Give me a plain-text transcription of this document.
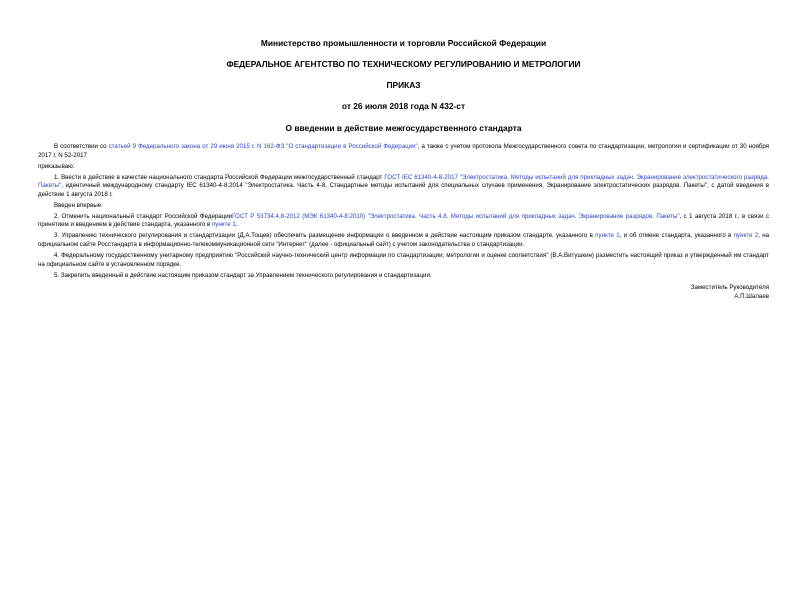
Министерство промышленности и торговли Российской Федерации
ФЕДЕРАЛЬНОЕ АГЕНТСТВО ПО ТЕХНИЧЕСКОМУ РЕГУЛИРОВАНИЮ И МЕТРОЛОГИИ
ПРИКАЗ
от 26 июля 2018 года N 432-ст
О введении в действие межгосударственного стандарта

В соответствии со статьей 9 Федерального закона от 29 июня 2015 г. N 162-ФЗ "О стандартизации в Российской Федерации", а также с учетом протокола Межгосударственного совета по стандартизации, метрологии и сертификации от 30 ноября 2017 г. N 52-2017

приказываю:

1. Ввести в действие в качестве национального стандарта Российской Федерации межгосударственный стандарт ГОСТ IEC 61340-4-8-2017 "Электростатика. Методы испытаний для прикладных задач. Экранирование электростатического разряда. Пакеты", идентичный международному стандарту IEC 61340-4-8:2014 "Электростатика. Часть 4-8. Стандартные методы испытаний для специальных случаев применения. Экранирование электростатических разрядов. Пакеты", с датой введения в действие 1 августа 2018 г.

Введен впервые.

2. Отменить национальный стандарт Российской ФедерацииГОСТ Р 53734.4.8-2012 (МЭК 61340-4-8:2010) "Электростатика. Часть 4.8. Методы испытаний для прикладных задач. Экранирование разрядов. Пакеты", с 1 августа 2018 г., в связи с принятием и введением в действие стандарта, указанного в пункте 1.

3. Управлению технического регулирования и стандартизации (Д.А.Тощев) обеспечить размещение информации о введенном в действие настоящим приказом стандарте, указанного в пункте 1, и об отмене стандарта, указанного в пункте 2, на официальном сайте Росстандарта в информационно-телекоммуникационной сети "Интернет" (далее - официальный сайт) с учетом законодательства о стандартизации.

4. Федеральному государственному унитарному предприятию "Российский научно-технический центр информации по стандартизации, метрологии и оценке соответствия" (В.А.Витушкин) разместить настоящий приказ и утвержденный им стандарт на официальном сайте в установленном порядке.

5. Закрепить введенный в действие настоящим приказом стандарт за Управлением технического регулирования и стандартизации.

Заместитель Руководителя
А.П.Шалаев
